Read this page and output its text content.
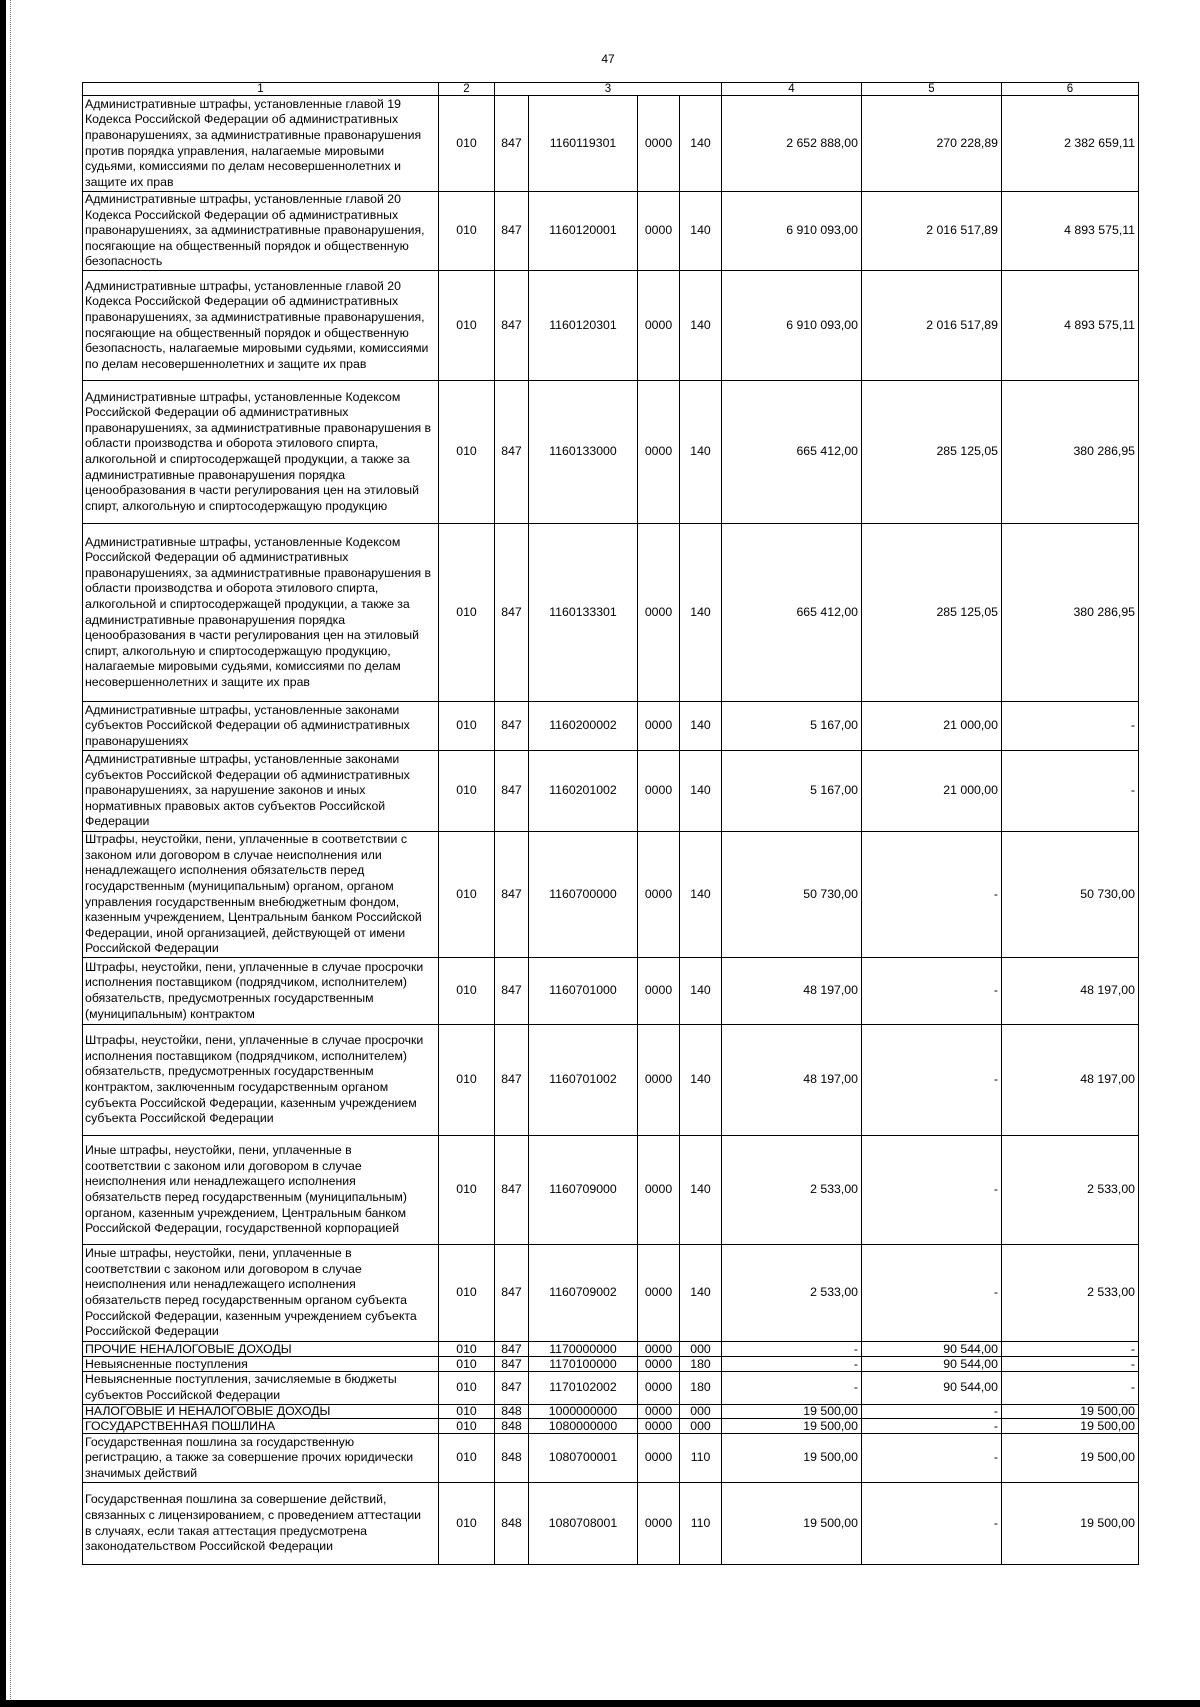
47
1	2	3	4	5	6
Административные штрафы, установленные главой 19
Кодекса Российской Федерации об административных
правонарушениях, за административные правонарушения
против порядка управления, налагаемые мировыми
судьями, комиссиями по делам несовершеннолетних и
защите их прав
010 847 1160119301 0000 140	2 652 888,00	270 228,89	2 382 659,11
Административные штрафы, установленные главой 20
Кодекса Российской Федерации об административных
правонарушениях, за административные правонарушения,
посягающие на общественный порядок и общественную
безопасность
010 847 1160120001 0000 140	6 910 093,00	2 016 517,89	4 893 575,11
Административные штрафы, установленные главой 20
Кодекса Российской Федерации об административных
правонарушениях, за административные правонарушения,
посягающие на общественный порядок и общественную
безопасность, налагаемые мировыми судьями, комиссиями
по делам несовершеннолетних и защите их прав
010 847 1160120301 0000 140	6 910 093,00	2 016 517,89	4 893 575,11
Административные штрафы, установленные Кодексом
Российской Федерации об административных
правонарушениях, за административные правонарушения в
области производства и оборота этилового спирта,
алкогольной и спиртосодержащей продукции, а также за
административные правонарушения порядка
ценообразования в части регулирования цен на этиловый
спирт, алкогольную и спиртосодержащую продукцию
010 847 1160133000 0000 140	665 412,00	285 125,05	380 286,95
Административные штрафы, установленные Кодексом
Российской Федерации об административных
правонарушениях, за административные правонарушения в
области производства и оборота этилового спирта,
алкогольной и спиртосодержащей продукции, а также за
административные правонарушения порядка
ценообразования в части регулирования цен на этиловый
спирт, алкогольную и спиртосодержащую продукцию,
налагаемые мировыми судьями, комиссиями по делам
несовершеннолетних и защите их прав
010 847 1160133301 0000 140	665 412,00	285 125,05	380 286,95
Административные штрафы, установленные законами
субъектов Российской Федерации об административных
правонарушениях
010 847 1160200002 0000 140	5 167,00	21 000,00	-
Административные штрафы, установленные законами
субъектов Российской Федерации об административных
правонарушениях, за нарушение законов и иных
нормативных правовых актов субъектов Российской
Федерации
010 847 1160201002 0000 140	5 167,00	21 000,00	-
Штрафы, неустойки, пени, уплаченные в соответствии с
законом или договором в случае неисполнения или
ненадлежащего исполнения обязательств перед
государственным (муниципальным) органом, органом
управления государственным внебюджетным фондом,
казенным учреждением, Центральным банком Российской
Федерации, иной организацией, действующей от имени
Российской Федерации
010 847 1160700000 0000 140	50 730,00	-	50 730,00
Штрафы, неустойки, пени, уплаченные в случае просрочки
исполнения поставщиком (подрядчиком, исполнителем)
обязательств, предусмотренных государственным
(муниципальным) контрактом
010 847 1160701000 0000 140	48 197,00	-	48 197,00
Штрафы, неустойки, пени, уплаченные в случае просрочки
исполнения поставщиком (подрядчиком, исполнителем)
обязательств, предусмотренных государственным
контрактом, заключенным государственным органом
субъекта Российской Федерации, казенным учреждением
субъекта Российской Федерации
010 847 1160701002 0000 140	48 197,00	-	48 197,00
Иные штрафы, неустойки, пени, уплаченные в
соответствии с законом или договором в случае
неисполнения или ненадлежащего исполнения
обязательств перед государственным (муниципальным)
органом, казенным учреждением, Центральным банком
Российской Федерации, государственной корпорацией
010 847 1160709000 0000 140	2 533,00	-	2 533,00
Иные штрафы, неустойки, пени, уплаченные в
соответствии с законом или договором в случае
неисполнения или ненадлежащего исполнения
обязательств перед государственным органом субъекта
Российской Федерации, казенным учреждением субъекта
Российской Федерации
010 847 1160709002 0000 140	2 533,00	-	2 533,00
ПРОЧИЕ НЕНАЛОГОВЫЕ ДОХОДЫ	010 847 1170000000 0000 000	-	90 544,00	-
Невыясненные поступления	010 847 1170100000 0000 180	-	90 544,00	-
Невыясненные поступления, зачисляемые в бюджеты
субъектов Российской Федерации
010 847 1170102002 0000 180	-	90 544,00	-
НАЛОГОВЫЕ И НЕНАЛОГОВЫЕ ДОХОДЫ	010 848 1000000000 0000 000	19 500,00	-	19 500,00
ГОСУДАРСТВЕННАЯ ПОШЛИНА	010 848 1080000000 0000 000	19 500,00	-	19 500,00
Государственная пошлина за государственную
регистрацию, а также за совершение прочих юридически
значимых действий
010 848 1080700001 0000 110	19 500,00	-	19 500,00
Государственная пошлина за совершение действий,
связанных с лицензированием, с проведением аттестации
в случаях, если такая аттестация предусмотрена
законодательством Российской Федерации
010 848 1080708001 0000 110	19 500,00	-	19 500,00
